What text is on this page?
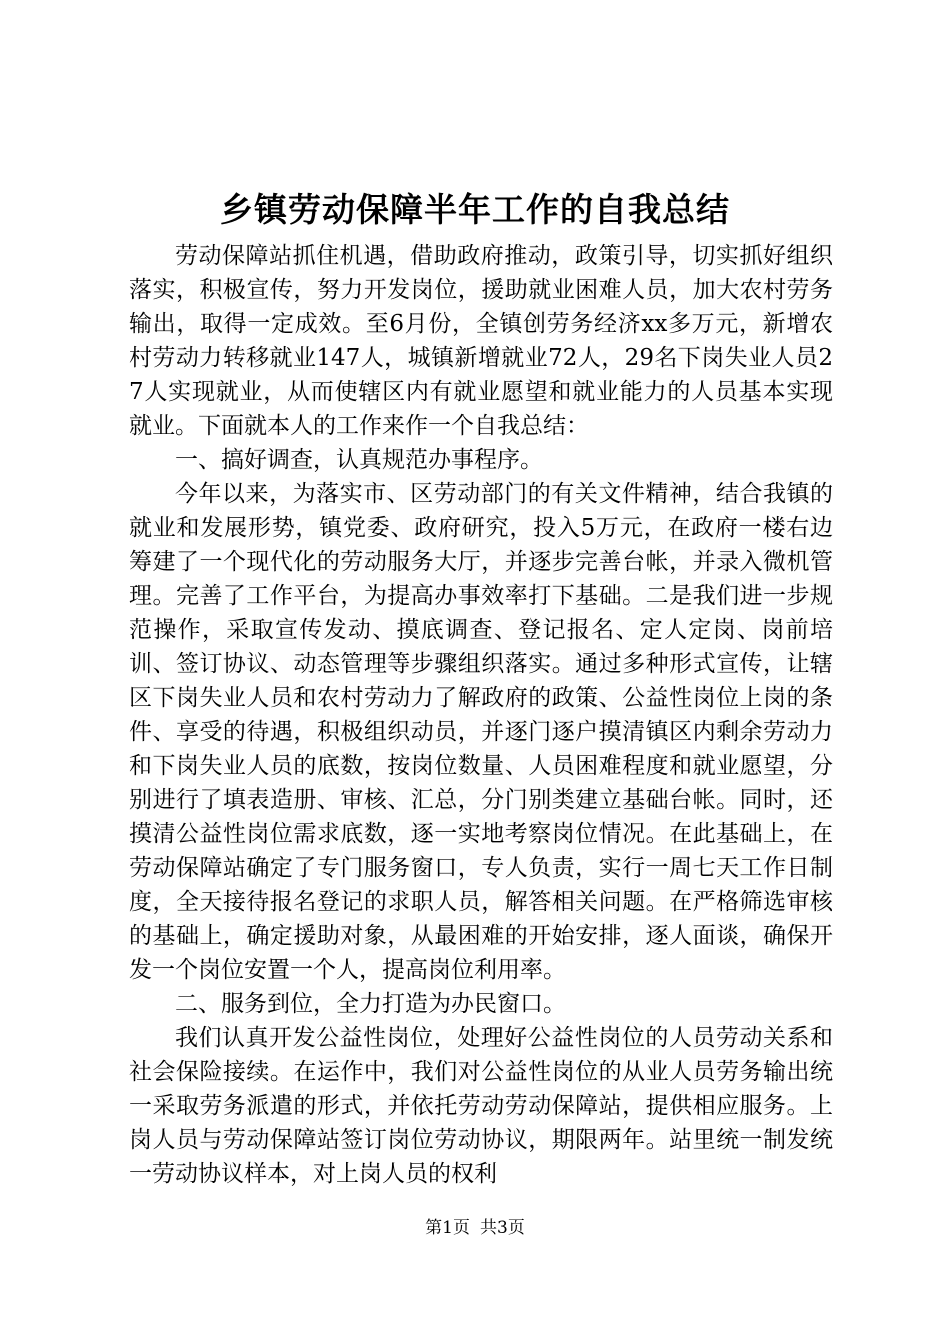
乡镇劳动保障半年工作的自我总结

劳动保障站抓住机遇，借助政府推动，政策引导，切实抓好组织落实，积极宣传，努力开发岗位，援助就业困难人员，加大农村劳务输出，取得一定成效。至6月份，全镇创劳务经济xx多万元，新增农村劳动力转移就业147人，城镇新增就业72人，29名下岗失业人员27人实现就业，从而使辖区内有就业愿望和就业能力的人员基本实现就业。下面就本人的工作来作一个自我总结：

一、搞好调查，认真规范办事程序。

今年以来，为落实市、区劳动部门的有关文件精神，结合我镇的就业和发展形势，镇党委、政府研究，投入5万元，在政府一楼右边筹建了一个现代化的劳动服务大厅，并逐步完善台帐，并录入微机管理。完善了工作平台，为提高办事效率打下基础。二是我们进一步规范操作，采取宣传发动、摸底调查、登记报名、定人定岗、岗前培训、签订协议、动态管理等步骤组织落实。通过多种形式宣传，让辖区下岗失业人员和农村劳动力了解政府的政策、公益性岗位上岗的条件、享受的待遇，积极组织动员，并逐门逐户摸清镇区内剩余劳动力和下岗失业人员的底数，按岗位数量、人员困难程度和就业愿望，分别进行了填表造册、审核、汇总，分门别类建立基础台帐。同时，还摸清公益性岗位需求底数，逐一实地考察岗位情况。在此基础上，在劳动保障站确定了专门服务窗口，专人负责，实行一周七天工作日制度，全天接待报名登记的求职人员，解答相关问题。在严格筛选审核的基础上，确定援助对象，从最困难的开始安排，逐人面谈，确保开发一个岗位安置一个人，提高岗位利用率。

二、服务到位，全力打造为办民窗口。

我们认真开发公益性岗位，处理好公益性岗位的人员劳动关系和社会保险接续。在运作中，我们对公益性岗位的从业人员劳务输出统一采取劳务派遣的形式，并依托劳动劳动保障站，提供相应服务。上岗人员与劳动保障站签订岗位劳动协议，期限两年。站里统一制发统一劳动协议样本，对上岗人员的权利

第1页 共3页
